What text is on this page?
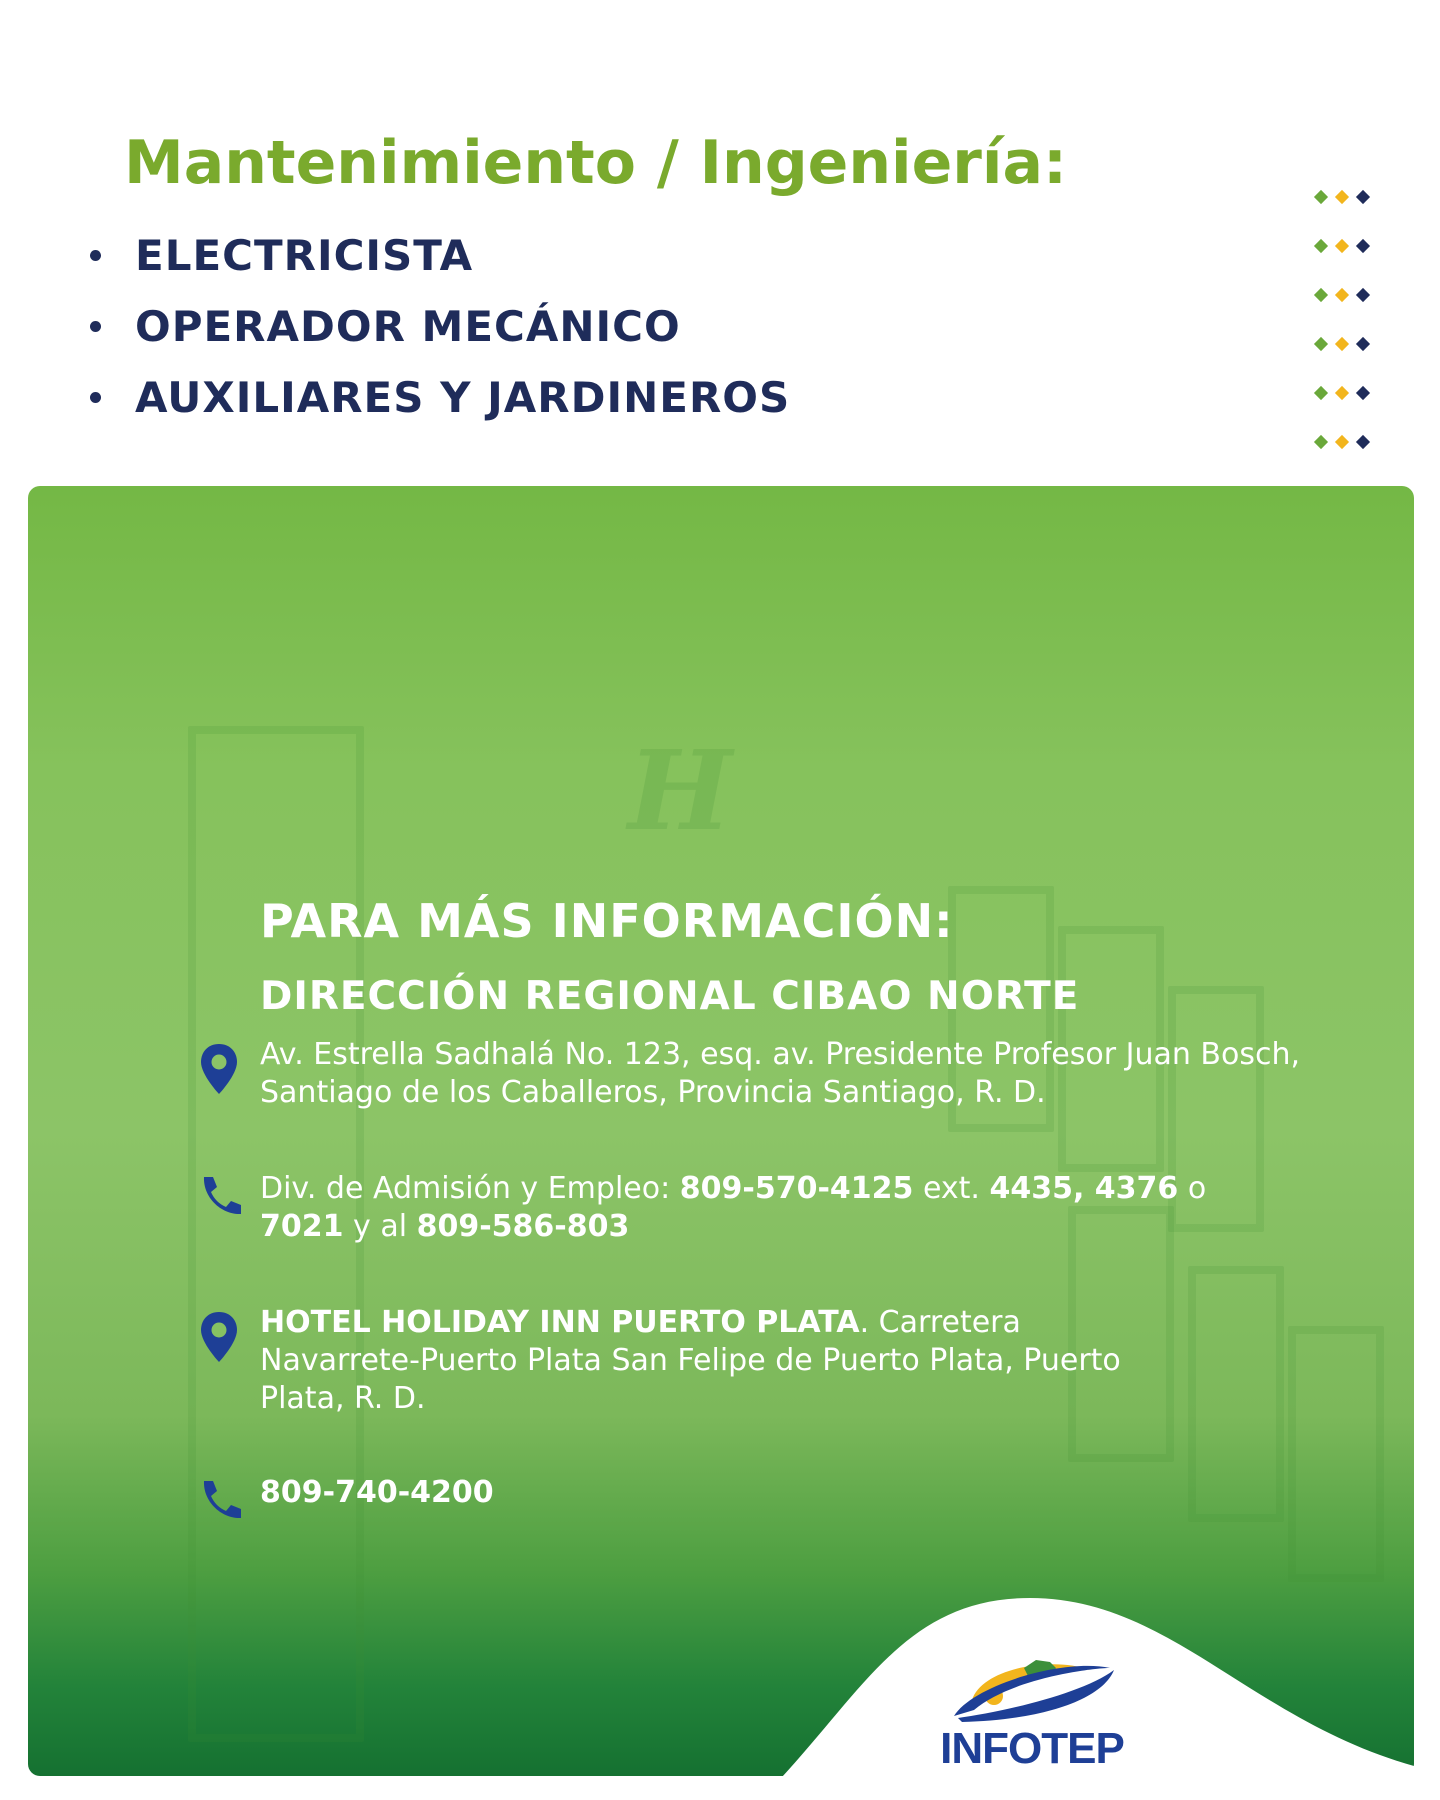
Mantenimiento / Ingeniería:
ELECTRICISTA
OPERADOR MECÁNICO
AUXILIARES Y JARDINEROS
H
PARA MÁS INFORMACIÓN:
DIRECCIÓN REGIONAL CIBAO NORTE
Av. Estrella Sadhalá No. 123, esq. av. Presidente Profesor Juan Bosch, Santiago de los Caballeros, Provincia Santiago, R. D.
Div. de Admisión y Empleo: 809-570-4125 ext. 4435, 4376 o
7021 y al 809-586-803
HOTEL HOLIDAY INN PUERTO PLATA. Carretera Navarrete-Puerto Plata San Felipe de Puerto Plata, Puerto Plata, R. D.
809-740-4200
INFOTEP
